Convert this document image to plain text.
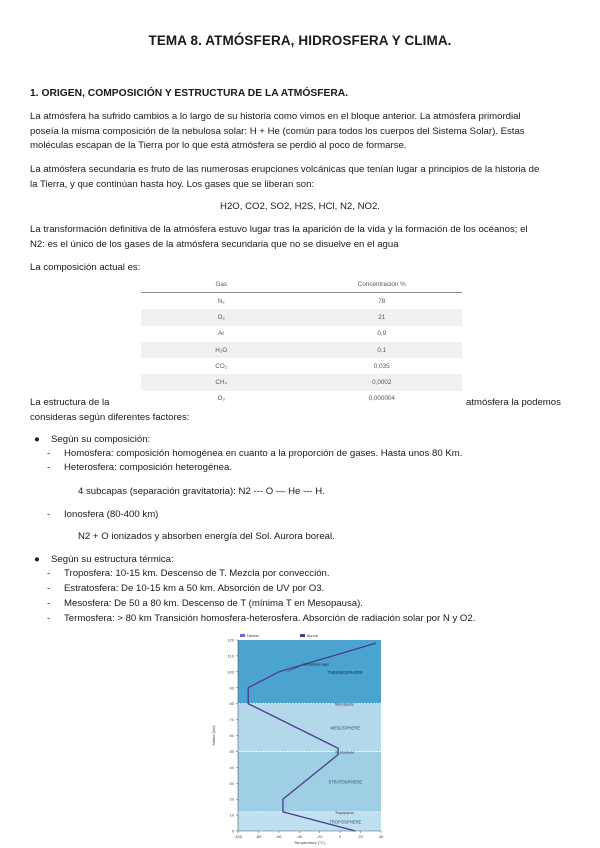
TEMA 8. ATMÓSFERA, HIDROSFERA Y CLIMA.
1. ORIGEN, COMPOSICIÓN Y ESTRUCTURA DE LA ATMÓSFERA.
La atmósfera ha sufrido cambios a lo largo de su historia como vimos en el bloque anterior. La atmósfera primordial
poseía la misma composición de la nebulosa solar: H + He (común para todos los cuerpos del Sistema Solar). Estas
moléculas escapan de la Tierra por lo que está atmósfera se perdió al poco de formarse.
La atmósfera secundaria es fruto de las numerosas erupciones volcánicas que tenían lugar a principios de la historia de
la Tierra, y que continúan hasta hoy. Los gases que se liberan son:
H2O, CO2, SO2, H2S, HCl, N2, NO2.
La transformación definitiva de la atmósfera estuvo lugar tras la aparición de la vida y la formación de los océanos; el
N2: es el único de los gases de la atmósfera secundaria que no se disuelve en el agua
La composición actual es:
Gas	Concentración %
N₂	78
O₂	21
Ar	0,9
H₂O	0,1
CO₂	0,035
CH₄	0,0002
O₃	0,000004
La estructura de la	atmósfera la podemos
consideras según diferentes factores:
● Según su composición:
- Homosfera: composición homogénea en cuanto a la proporción de gases. Hasta unos 80 Km.
- Heterosfera: composición heterogénea.
4 subcapas (separación gravitatoria): N2 --- O — He --- H.
- Ionosfera (80-400 km)
N2 + O ionizados y absorben energía del Sol. Aurora boreal.
● Según su estructura térmica:
- Troposfera: 10-15 km. Descenso de T. Mezcla por convección.
- Estratosfera: De 10-15 km a 50 km. Absorción de UV por O3.
- Mesosfera: De 50 a 80 km. Descenso de T (mínima T en Mesopausa).
- Termosfera: > 80 km Transición homosfera-heterosfera. Absorción de radiación solar por N y O2.
Tropopause
Stratopause
Mesopause
TROPOSPHERE
STRATOSPHERE
MESOSPHERE
THERMOSPHERE
Ionospheric layer
0
10
20
30
40
50
60
70
80
90
100
110
120
-100	-80	-60	-40	-20	0	20	40
Temperatura (°C)
Altitud (km)
Dióxido	Aurora
